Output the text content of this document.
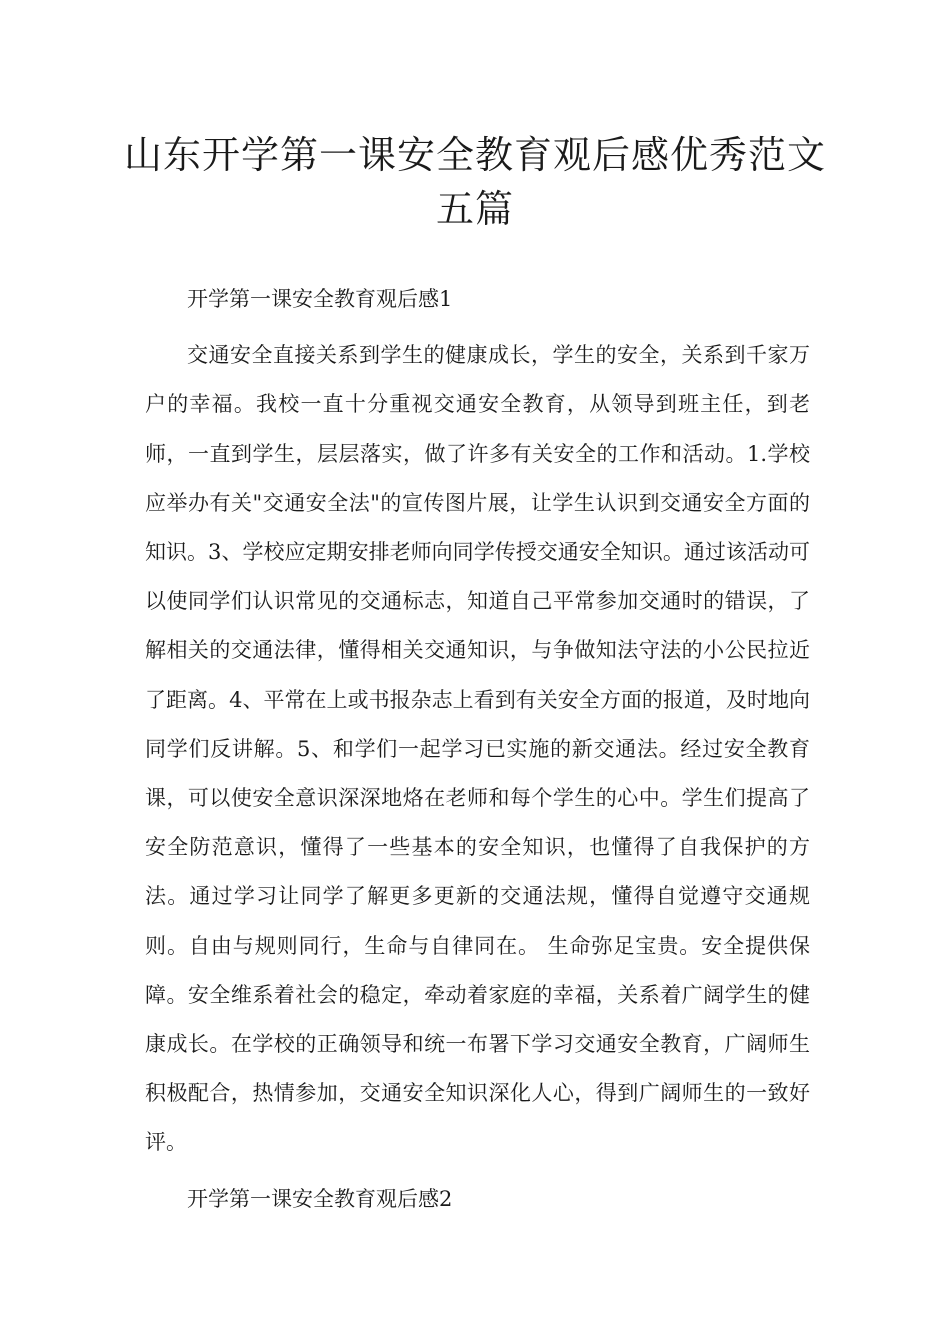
山东开学第一课安全教育观后感优秀范文五篇

开学第一课安全教育观后感1

交通安全直接关系到学生的健康成长，学生的安全，关系到千家万户的幸福。我校一直十分重视交通安全教育，从领导到班主任，到老师，一直到学生，层层落实，做了许多有关安全的工作和活动。1.学校应举办有关"交通安全法"的宣传图片展，让学生认识到交通安全方面的知识。3、学校应定期安排老师向同学传授交通安全知识。通过该活动可以使同学们认识常见的交通标志，知道自己平常参加交通时的错误，了解相关的交通法律，懂得相关交通知识，与争做知法守法的小公民拉近了距离。4、平常在上或书报杂志上看到有关安全方面的报道，及时地向同学们反讲解。5、和学们一起学习已实施的新交通法。经过安全教育课，可以使安全意识深深地烙在老师和每个学生的心中。学生们提高了安全防范意识，懂得了一些基本的安全知识，也懂得了自我保护的方法。通过学习让同学了解更多更新的交通法规，懂得自觉遵守交通规则。自由与规则同行，生命与自律同在。 生命弥足宝贵。安全提供保障。安全维系着社会的稳定，牵动着家庭的幸福，关系着广阔学生的健康成长。在学校的正确领导和统一布署下学习交通安全教育，广阔师生积极配合，热情参加，交通安全知识深化人心，得到广阔师生的一致好评。

开学第一课安全教育观后感2
